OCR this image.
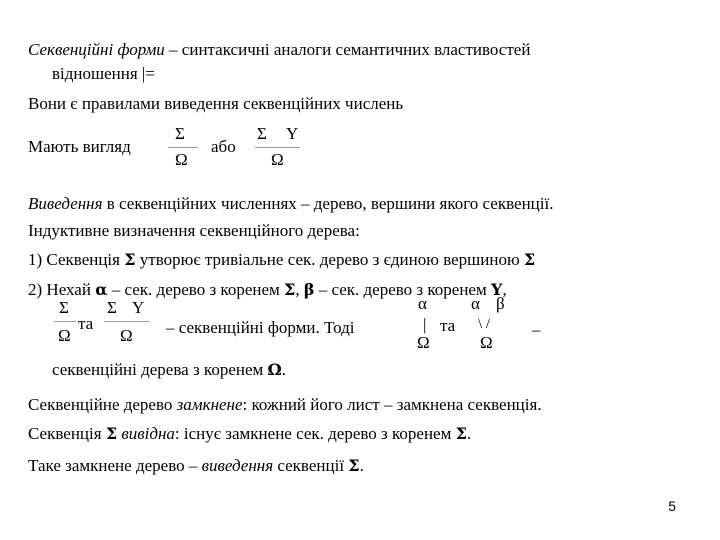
Секвенційні форми – синтаксичні аналоги семантичних властивостей
відношення |=
Вони є правилами виведення секвенційних числень
Мають вигляд
Σ
Ω
або
Σ Υ
Ω
Виведення в секвенційних численнях – дерево, вершини якого секвенції.
Індуктивне визначення секвенційного дерева:
1) Секвенція Σ утворює тривіальне сек. дерево з єдиною вершиною Σ
2) Нехай α – сек. дерево з коренем Σ, β – сек. дерево з коренем Υ,
Σ
Ω
та
Σ Υ
Ω – секвенційні форми. Тоді
α
|
Ω
та
α β
\ /
Ω
–
секвенційні дерева з коренем Ω.
Секвенційне дерево замкнене: кожний його лист – замкнена секвенція.
Секвенція Σ вивідна: існує замкнене сек. дерево з коренем Σ.
Таке замкнене дерево – виведення секвенції Σ.
5
